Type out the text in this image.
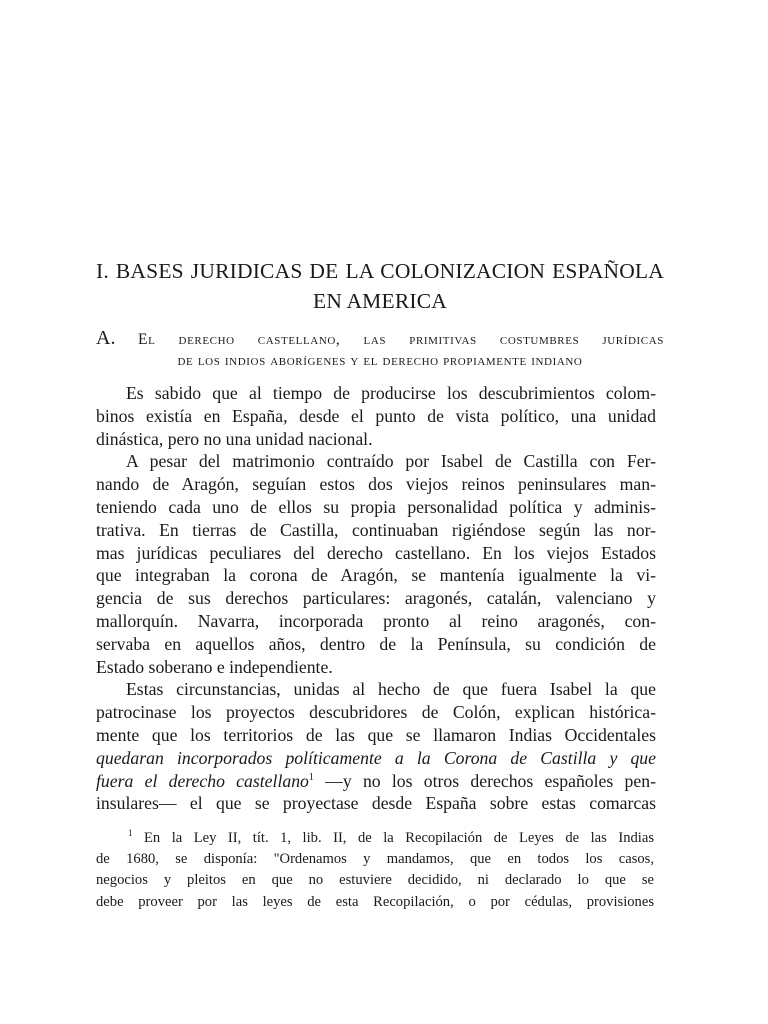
I. BASES JURIDICAS DE LA COLONIZACION ESPAÑOLA
EN AMERICA
A. El derecho castellano, las primitivas costumbres jurídicas
de los indios aborígenes y el derecho propiamente indiano
Es sabido que al tiempo de producirse los descubrimientos colom-
binos existía en España, desde el punto de vista político, una unidad
dinástica, pero no una unidad nacional.
A pesar del matrimonio contraído por Isabel de Castilla con Fer-
nando de Aragón, seguían estos dos viejos reinos peninsulares man-
teniendo cada uno de ellos su propia personalidad política y adminis-
trativa. En tierras de Castilla, continuaban rigiéndose según las nor-
mas jurídicas peculiares del derecho castellano. En los viejos Estados
que integraban la corona de Aragón, se mantenía igualmente la vi-
gencia de sus derechos particulares: aragonés, catalán, valenciano y
mallorquín. Navarra, incorporada pronto al reino aragonés, con-
servaba en aquellos años, dentro de la Península, su condición de
Estado soberano e independiente.
Estas circunstancias, unidas al hecho de que fuera Isabel la que
patrocinase los proyectos descubridores de Colón, explican histórica-
mente que los territorios de las que se llamaron Indias Occidentales
quedaran incorporados políticamente a la Corona de Castilla y que
fuera el derecho castellano$^1$ —y no los otros derechos españoles pen-
insulares— el que se proyectase desde España sobre estas comarcas
$^1$ En la Ley II, tít. 1, lib. II, de la Recopilación de Leyes de las Indias
de 1680, se disponía: "Ordenamos y mandamos, que en todos los casos,
negocios y pleitos en que no estuviere decidido, ni declarado lo que se
debe proveer por las leyes de esta Recopilación, o por cédulas, provisiones
